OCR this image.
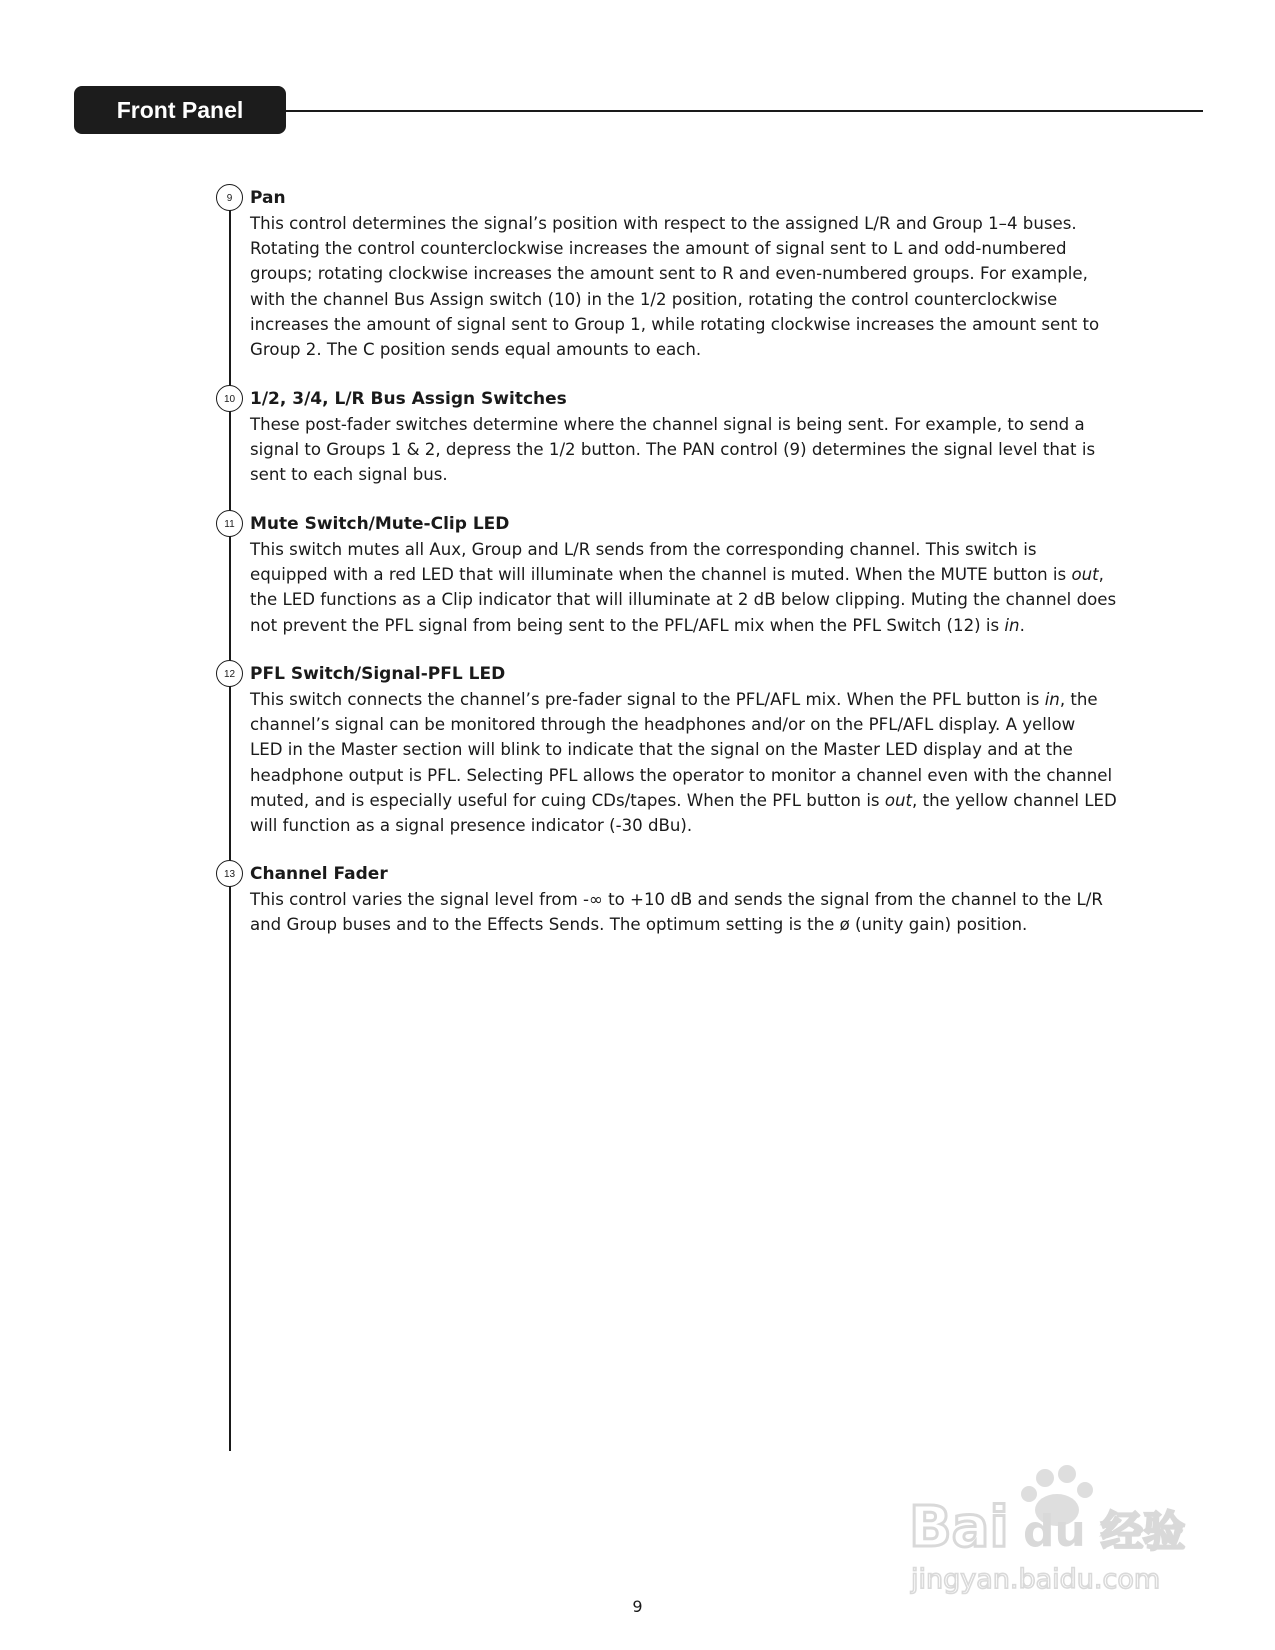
Front Panel
9	Pan

This control determines the signal’s position with respect to the assigned L/R and Group 1–4 buses.
Rotating the control counterclockwise increases the amount of signal sent to L and odd-numbered
groups; rotating clockwise increases the amount sent to R and even-numbered groups. For example,
with the channel Bus Assign switch (10) in the 1/2 position, rotating the control counterclockwise
increases the amount of signal sent to Group 1, while rotating clockwise increases the amount sent to
Group 2. The C position sends equal amounts to each.

10 1/2, 3/4, L/R Bus Assign Switches

These post-fader switches determine where the channel signal is being sent. For example, to send a
signal to Groups 1 & 2, depress the 1/2 button. The PAN control (9) determines the signal level that is
sent to each signal bus.

11 Mute Switch/Mute-Clip LED

This switch mutes all Aux, Group and L/R sends from the corresponding channel. This switch is
equipped with a red LED that will illuminate when the channel is muted. When the MUTE button is out,
the LED functions as a Clip indicator that will illuminate at 2 dB below clipping. Muting the channel does
not prevent the PFL signal from being sent to the PFL/AFL mix when the PFL Switch (12) is in.

12 PFL Switch/Signal-PFL LED

This switch connects the channel’s pre-fader signal to the PFL/AFL mix. When the PFL button is in, the
channel’s signal can be monitored through the headphones and/or on the PFL/AFL display. A yellow
LED in the Master section will blink to indicate that the signal on the Master LED display and at the
headphone output is PFL. Selecting PFL allows the operator to monitor a channel even with the channel
muted, and is especially useful for cuing CDs/tapes. When the PFL button is out, the yellow channel LED
will function as a signal presence indicator (-30 dBu).

13 Channel Fader

This control varies the signal level from -∞ to +10 dB and sends the signal from the channel to the L/R
and Group buses and to the Effects Sends. The optimum setting is the ø (unity gain) position.

Bai du 经验
jingyan.baidu.com
9
